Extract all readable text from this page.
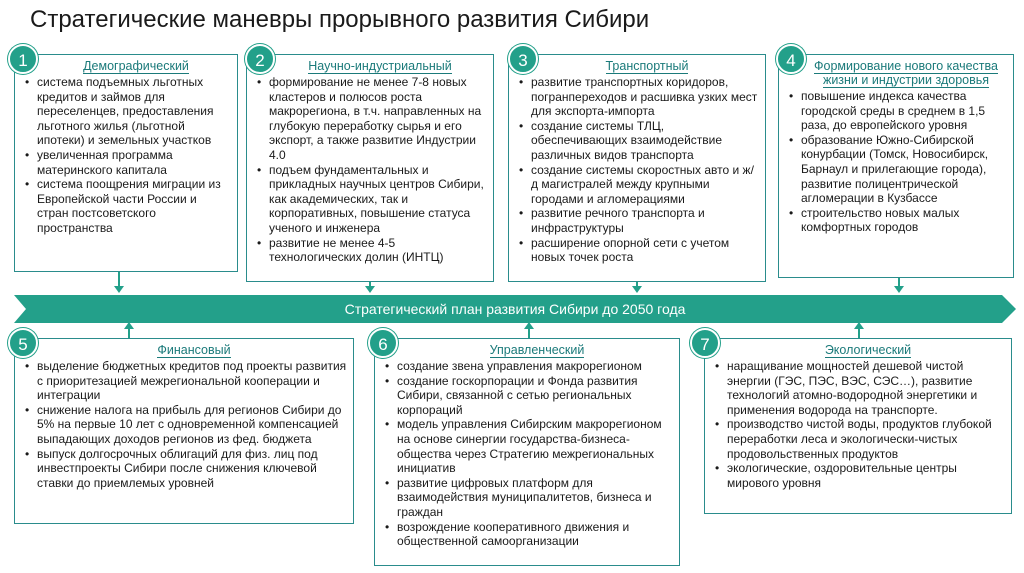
Стратегические маневры прорывного развития Сибири
Стратегический план развития Сибири до 2050 года
Демографический
• система подъемных льготных кредитов и займов для переселенцев, предоставления льготного жилья (льготной ипотеки) и земельных участков
• увеличенная программа материнского капитала
• система поощрения миграции из Европейской части России и стран постсоветского пространства
1	Научно-индустриальный
• формирование не менее 7-8 новых кластеров и полюсов роста макрорегиона, в т.ч. направленных на глубокую переработку сырья и его экспорт, а также развитие Индустрии 4.0
• подъем фундаментальных и прикладных научных центров Сибири, как академических, так и корпоративных, повышение статуса ученого и инженера
• развитие не менее 4-5 технологических долин (ИНТЦ)
2	Транспортный
• развитие транспортных коридоров, погранпереходов и расшивка узких мест для экспорта-импорта
• создание системы ТЛЦ, обеспечивающих взаимодействие различных видов транспорта
• создание системы скоростных авто и ж/д магистралей между крупными городами и агломерациями
• развитие речного транспорта и инфраструктуры
• расширение опорной сети с учетом новых точек роста
3	Формирование нового качества жизни и индустрии здоровья
• повышение индекса качества городской среды в среднем в 1,5 раза, до европейского уровня
• образование Южно-Сибирской конурбации (Томск, Новосибирск, Барнаул и прилегающие города), развитие полицентрической агломерации в Кузбассе
• строительство новых малых комфортных городов
4
Финансовый
• выделение бюджетных кредитов под проекты развития с приоритезацией межрегиональной кооперации и интеграции
• снижение налога на прибыль для регионов Сибири до 5% на первые 10 лет с одновременной компенсацией выпадающих доходов регионов из фед. бюджета
• выпуск долгосрочных облигаций для физ. лиц под инвестпроекты Сибири после снижения ключевой ставки до приемлемых уровней
5	Управленческий
• создание звена управления макрорегионом
• создание госкорпорации и Фонда развития Сибири, связанной с сетью региональных корпораций
• модель управления Сибирским макрорегионом на основе синергии государства-бизнеса-общества через Стратегию межрегиональных инициатив
• развитие цифровых платформ для взаимодействия муниципалитетов, бизнеса и граждан
• возрождение кооперативного движения и общественной самоорганизации
6	Экологический
• наращивание мощностей дешевой чистой энергии (ГЭС, ПЭС, ВЭС, СЭС…), развитие технологий атомно-водородной энергетики и применения водорода на транспорте.
• производство чистой воды, продуктов глубокой переработки леса и экологически-чистых продовольственных продуктов
• экологические, оздоровительные центры мирового уровня
7
